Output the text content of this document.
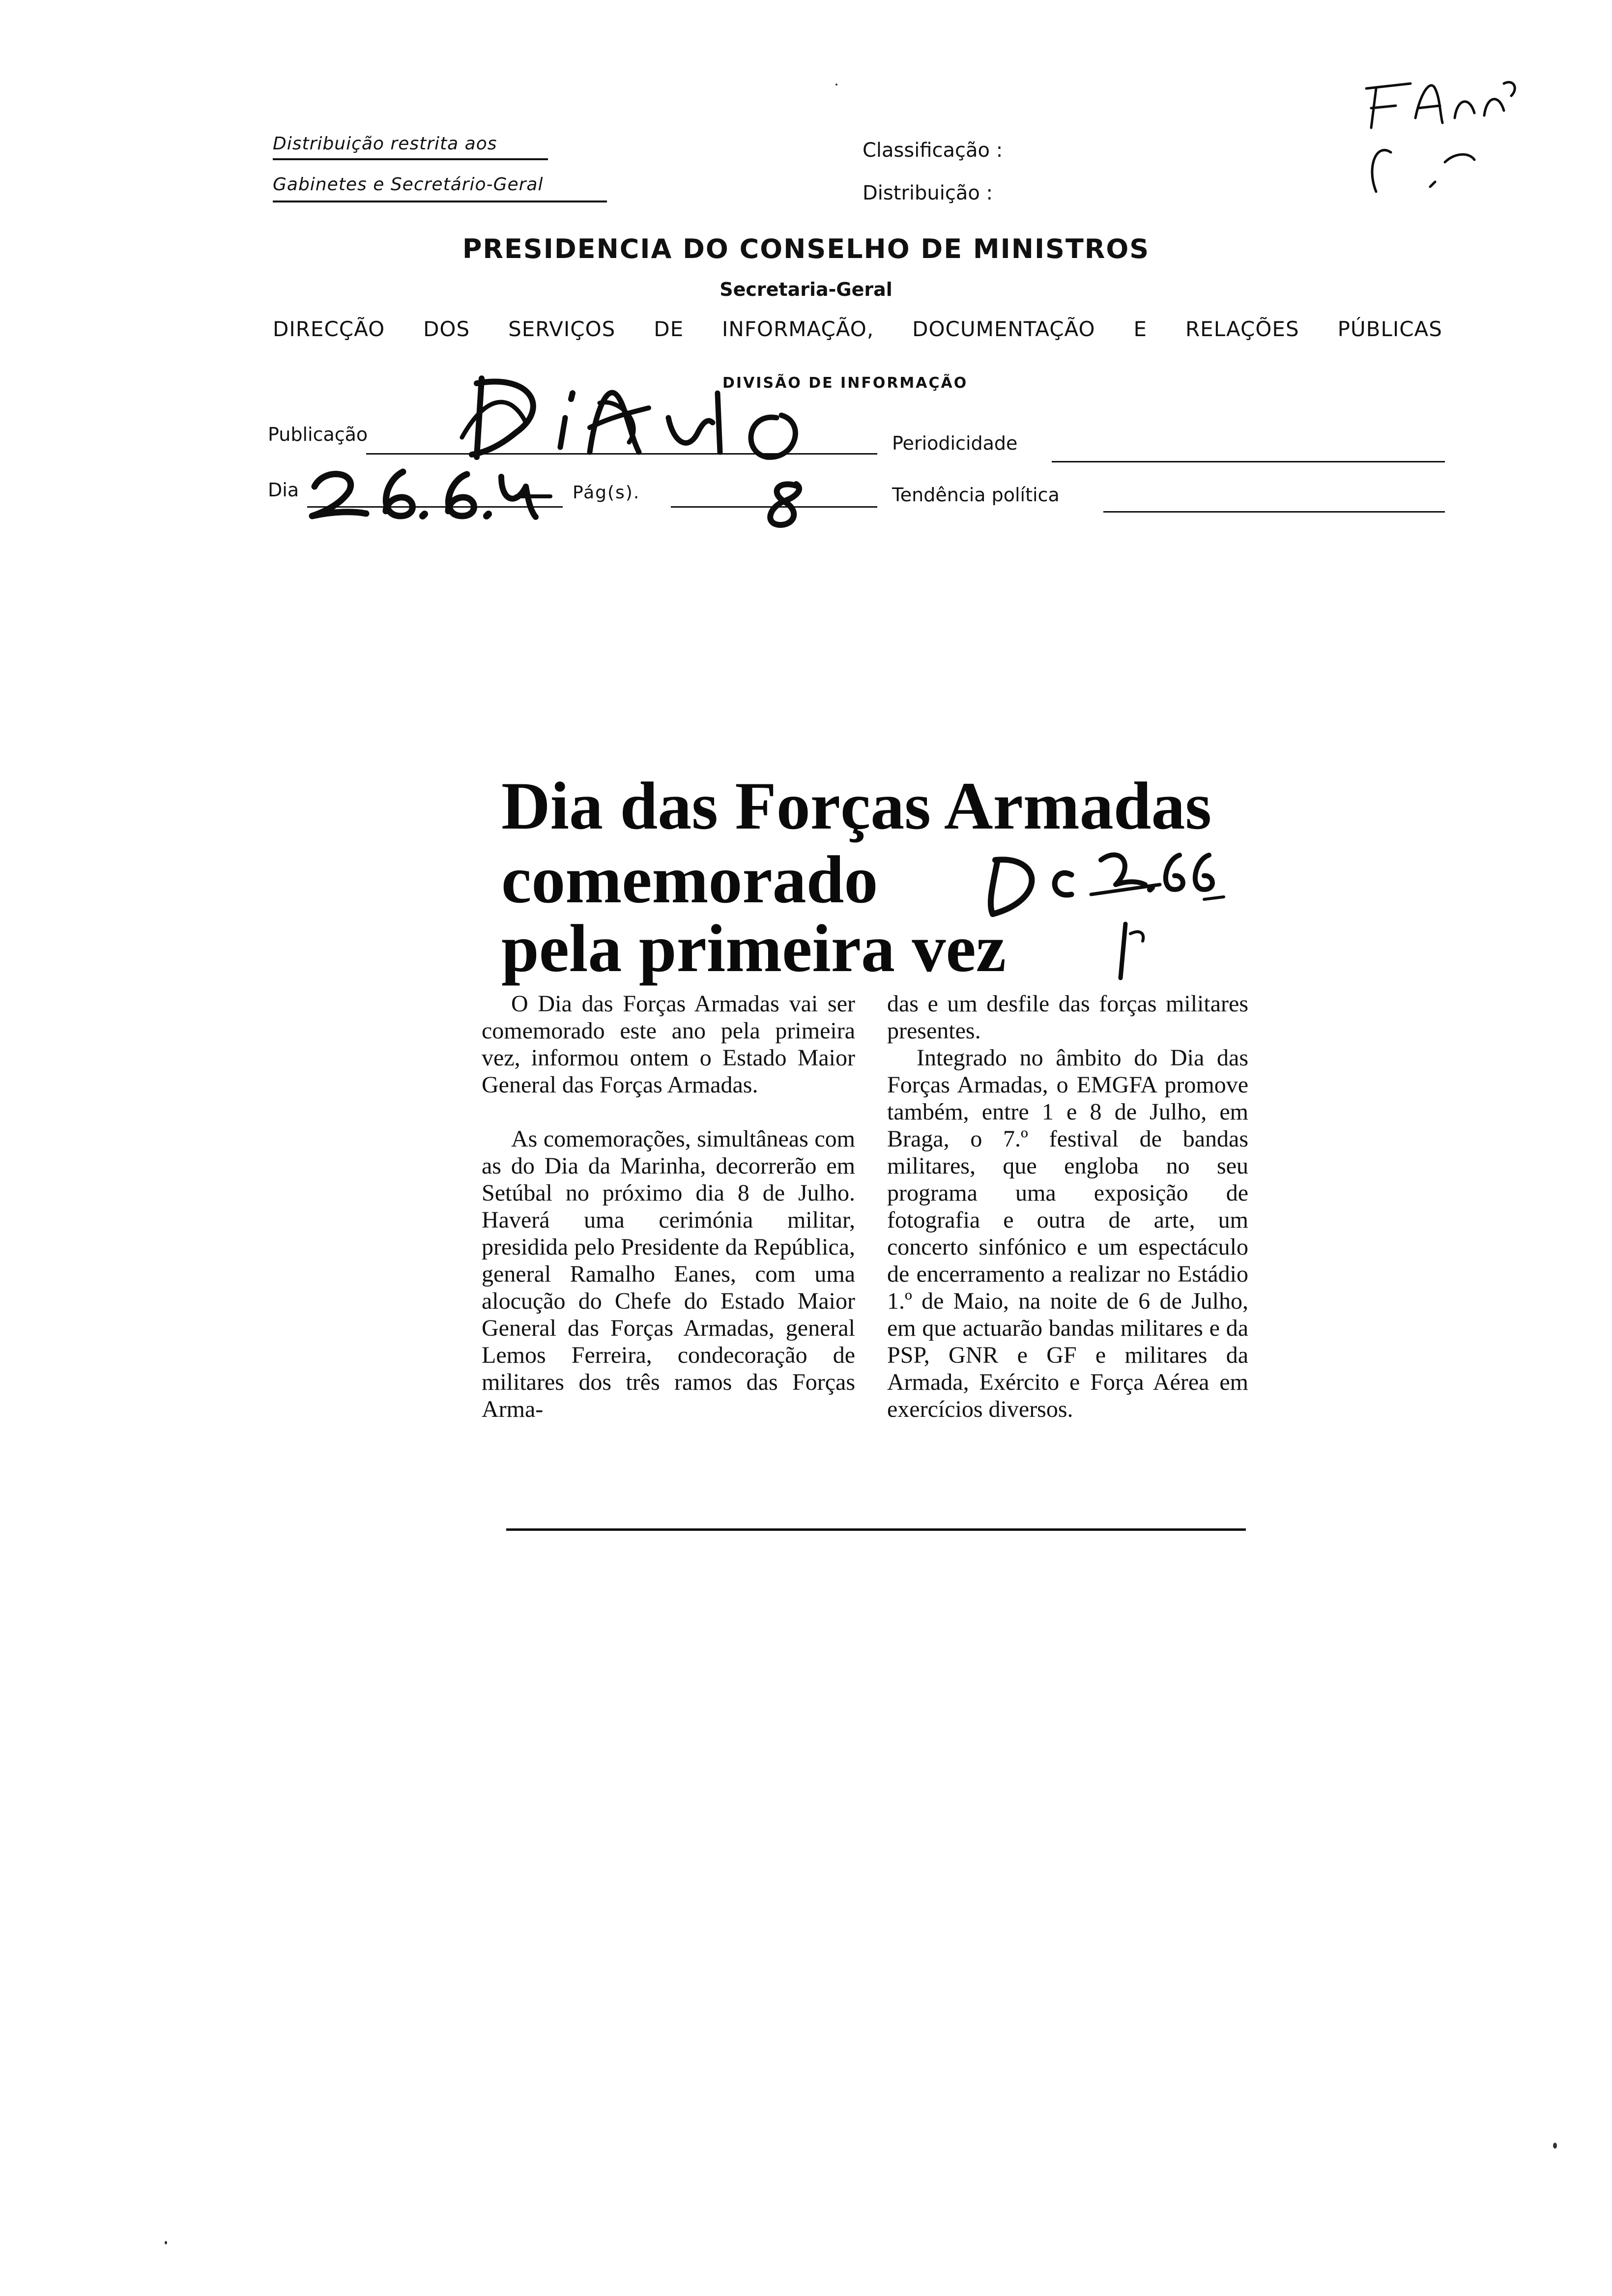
Distribuição restrita aos
Gabinetes e Secretário-Geral
Classificação :
Distribuição :
PRESIDENCIA DO CONSELHO DE MINISTROS
Secretaria-Geral
DIRECÇÃO DOS SERVIÇOS DE INFORMAÇÃO, DOCUMENTAÇÃO E RELAÇÕES PÚBLICAS
DIVISÃO DE INFORMAÇÃO
Publicação
Dia	Pág(s).
Periodicidade
Tendência política
Dia das Forças Armadas
comemorado
pela primeira vez

O Dia das Forças Armadas vai ser comemorado este ano pela primeira vez, informou ontem o Estado Maior General das Forças Armadas.

As comemorações, simultâneas com as do Dia da Marinha, decorrerão em Setúbal no próximo dia 8 de Julho. Haverá uma cerimónia militar, presidida pelo Presidente da República, general Ramalho Eanes, com uma alocução do Chefe do Estado Maior General das Forças Armadas, general Lemos Ferreira, condecoração de militares dos três ramos das Forças Arma-

das e um desfile das forças militares presentes.

Integrado no âmbito do Dia das Forças Armadas, o EMGFA promove também, entre 1 e 8 de Julho, em Braga, o 7.º festival de bandas militares, que engloba no seu programa uma exposição de fotografia e outra de arte, um concerto sinfónico e um espectáculo de encerramento a realizar no Estádio 1.º de Maio, na noite de 6 de Julho, em que actuarão bandas militares e da PSP, GNR e GF e militares da Armada, Exército e Força Aérea em exercícios diversos.
